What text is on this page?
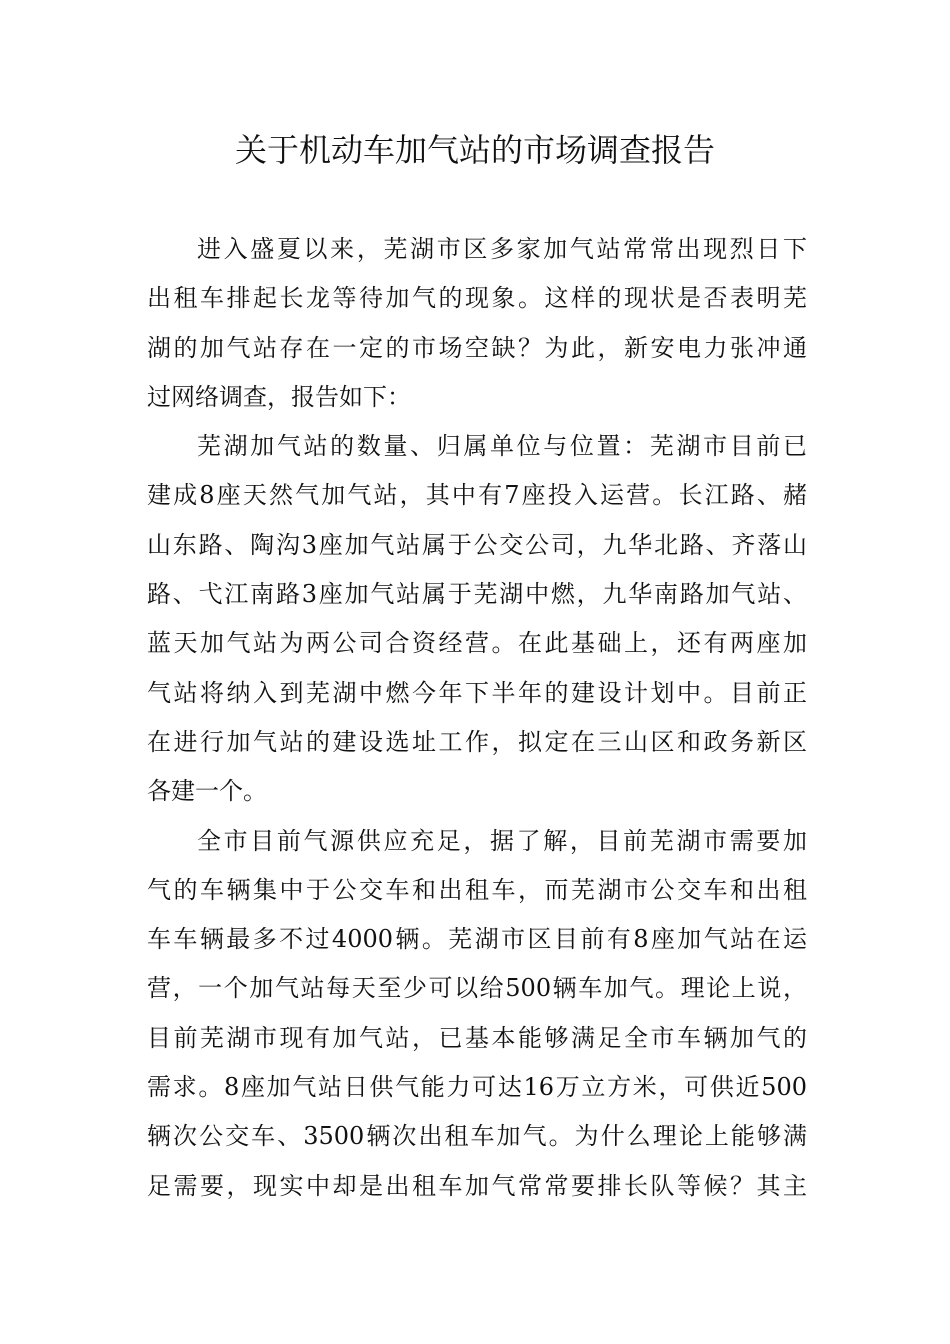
关于机动车加气站的市场调查报告
进入盛夏以来，芜湖市区多家加气站常常出现烈日下
出租车排起长龙等待加气的现象。这样的现状是否表明芜
湖的加气站存在一定的市场空缺？为此，新安电力张冲通
过网络调查，报告如下：
芜湖加气站的数量、归属单位与位置：芜湖市目前已
建成8座天然气加气站，其中有7座投入运营。长江路、赭
山东路、陶沟3座加气站属于公交公司，九华北路、齐落山
路、弋江南路3座加气站属于芜湖中燃，九华南路加气站、
蓝天加气站为两公司合资经营。在此基础上，还有两座加
气站将纳入到芜湖中燃今年下半年的建设计划中。目前正
在进行加气站的建设选址工作，拟定在三山区和政务新区
各建一个。
全市目前气源供应充足，据了解，目前芜湖市需要加
气的车辆集中于公交车和出租车，而芜湖市公交车和出租
车车辆最多不过4000辆。芜湖市区目前有8座加气站在运
营，一个加气站每天至少可以给500辆车加气。理论上说，
目前芜湖市现有加气站，已基本能够满足全市车辆加气的
需求。8座加气站日供气能力可达16万立方米，可供近500
辆次公交车、3500辆次出租车加气。为什么理论上能够满
足需要，现实中却是出租车加气常常要排长队等候？其主
